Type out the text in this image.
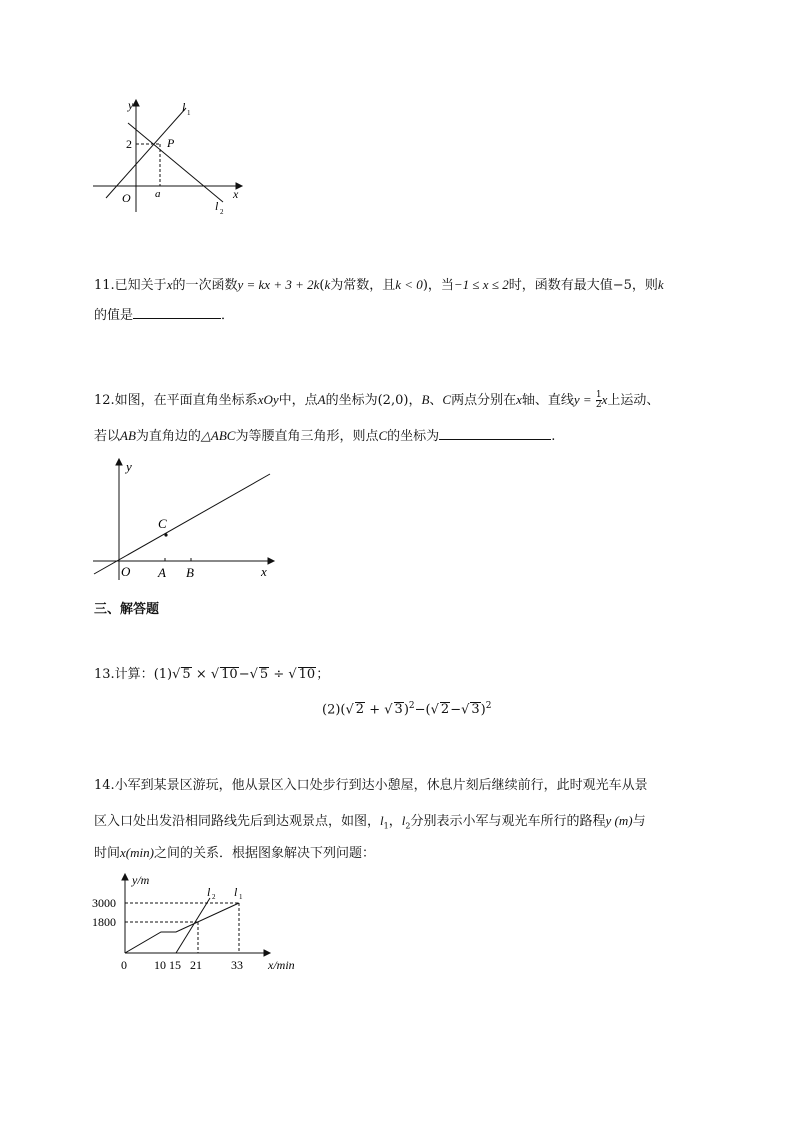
y
x
O
2	P
a
l 1
l 2
11.已知关于x的一次函数y = kx + 3 + 2k(k为常数，且k < 0)，当−1 ≤ x ≤ 2时，函数有最大值−5，则k
的值是	．
12.如图，在平面直角坐标系xOy中，点A的坐标为(2,0)，B、C两点分别在x轴、直线$y = \frac{1}{2}$ x上运动、
若以AB为直角边的△ABC为等腰直角三角形，则点C的坐标为	.
y
x
O A B
C
三、解答题
13.计算：(1)√ 5 × √ 10−√ 5 ÷ √ 10；
(2)(√ 2 + √ 3)$^2$−(√ 2−√ 3)$^2$
14.小军到某景区游玩，他从景区入口处步行到达小憩屋，休息片刻后继续前行，此时观光车从景
区入口处出发沿相同路线先后到达观景点，如图，$l_1$，$l_2$分别表示小军与观光车所行的路程y (m)与
时间x(min)之间的关系．根据图象解决下列问题：
y/m
x/min
3000
1800
0 10 15 21 33
l 2 l 1
